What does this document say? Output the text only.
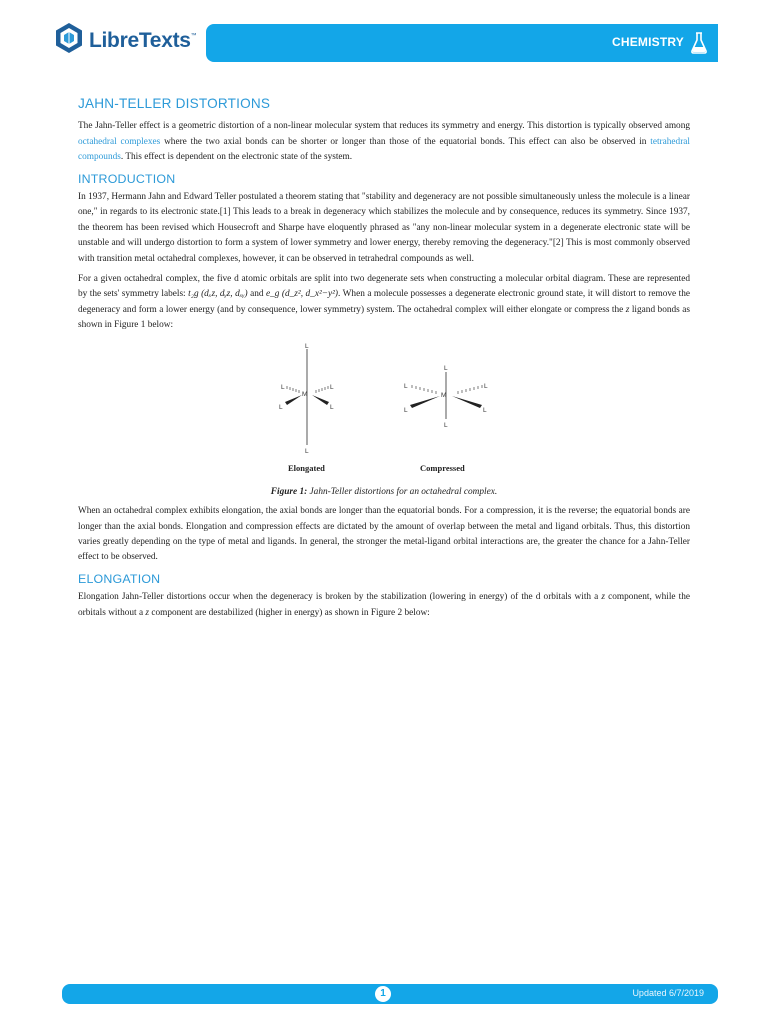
LibreTexts™	CHEMISTRY
JAHN-TELLER DISTORTIONS

The Jahn-Teller effect is a geometric distortion of a non-linear molecular system that reduces its symmetry and energy. This distortion is typically observed among octahedral complexes where the two axial bonds can be shorter or longer than those of the equatorial bonds. This effect can also be observed in tetrahedral compounds. This effect is dependent on the electronic state of the system.

INTRODUCTION

In 1937, Hermann Jahn and Edward Teller postulated a theorem stating that "stability and degeneracy are not possible simultaneously unless the molecule is a linear one," in regards to its electronic state.[1] This leads to a break in degeneracy which stabilizes the molecule and by consequence, reduces its symmetry. Since 1937, the theorem has been revised which Housecroft and Sharpe have eloquently phrased as "any non-linear molecular system in a degenerate electronic state will be unstable and will undergo distortion to form a system of lower symmetry and lower energy, thereby removing the degeneracy."[2] This is most commonly observed with transition metal octahedral complexes, however, it can be observed in tetrahedral compounds as well.

For a given octahedral complex, the five d atomic orbitals are split into two degenerate sets when constructing a molecular orbital diagram. These are represented by the sets' symmetry labels: t₂g (dₓz, dᵧz, dₓᵧ) and e_g (d_z², d_x²−y²). When a molecule possesses a degenerate electronic ground state, it will distort to remove the degeneracy and form a lower energy (and by consequence, lower symmetry) system. The octahedral complex will either elongate or compress the z ligand bonds as shown in Figure 1 below:

L
L
M
L	L
L	L
L
L
M
L	L
L	L
Elongated	Compressed
Figure 1: Jahn-Teller distortions for an octahedral complex.

When an octahedral complex exhibits elongation, the axial bonds are longer than the equatorial bonds. For a compression, it is the reverse; the equatorial bonds are longer than the axial bonds. Elongation and compression effects are dictated by the amount of overlap between the metal and ligand orbitals. Thus, this distortion varies greatly depending on the type of metal and ligands. In general, the stronger the metal-ligand orbital interactions are, the greater the chance for a Jahn-Teller effect to be observed.

ELONGATION

Elongation Jahn-Teller distortions occur when the degeneracy is broken by the stabilization (lowering in energy) of the d orbitals with a z component, while the orbitals without a z component are destabilized (higher in energy) as shown in Figure 2 below:

1	Updated 6/7/2019
